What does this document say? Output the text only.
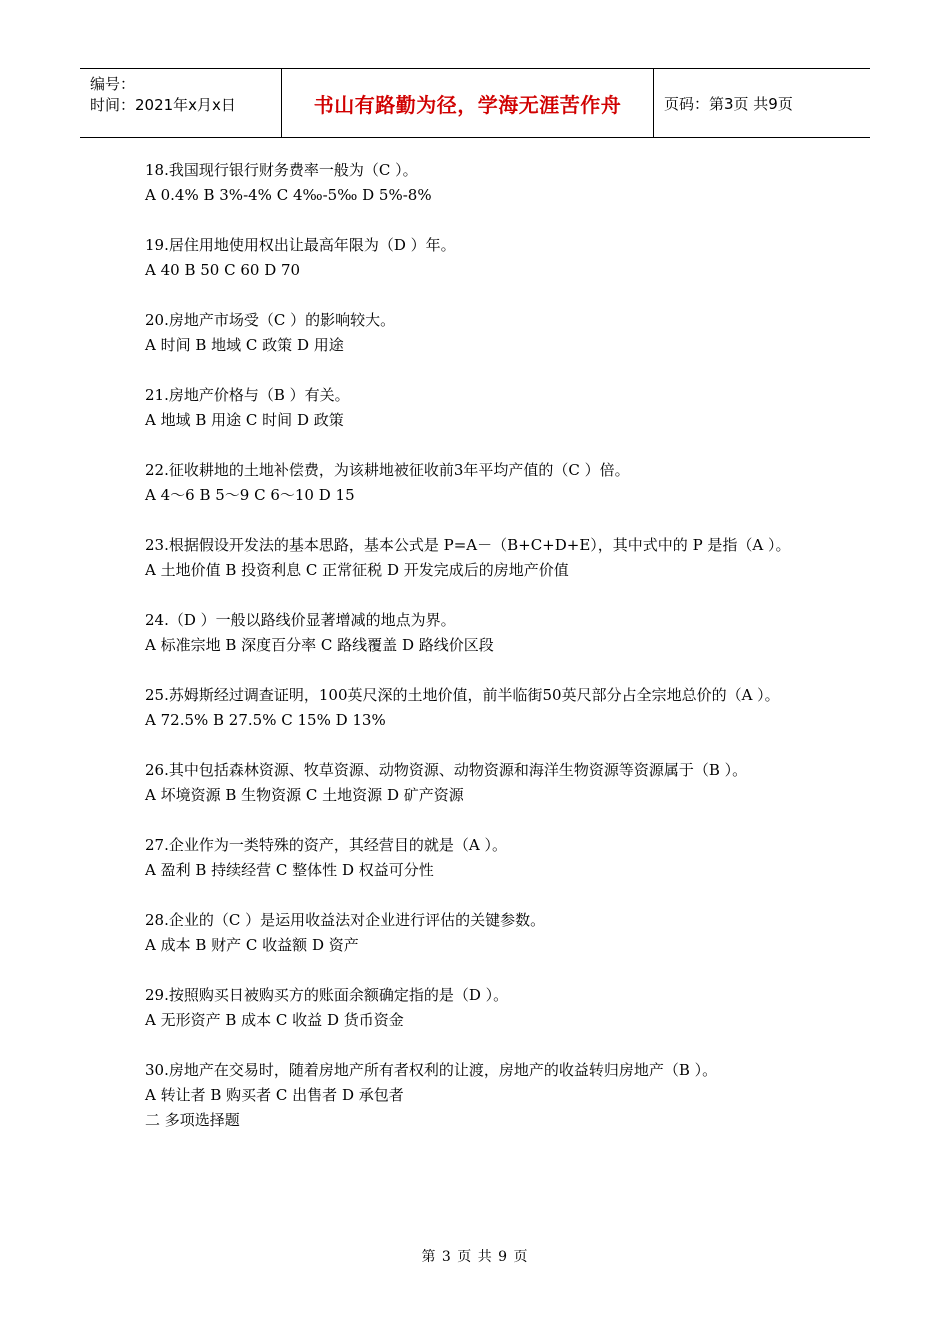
编号：
时间：2021年x月x日	书山有路勤为径，学海无涯苦作舟	页码：第3页 共9页

18.我国现行银行财务费率一般为（C ）。

A 0.4% B 3%-4% C 4‰-5‰ D 5%-8%

19.居住用地使用权出让最高年限为（D ）年。

A 40 B 50 C 60 D 70

20.房地产市场受（C ）的影响较大。

A 时间 B 地域 C 政策 D 用途

21.房地产价格与（B ）有关。

A 地域 B 用途 C 时间 D 政策

22.征收耕地的土地补偿费，为该耕地被征收前3年平均产值的（C ）倍。

A 4～6 B 5～9 C 6～10 D 15

23.根据假设开发法的基本思路，基本公式是 P=A－（B+C+D+E），其中式中的 P 是指（A ）。

A 土地价值 B 投资利息 C 正常征税 D 开发完成后的房地产价值

24.（D ）一般以路线价显著增减的地点为界。

A 标准宗地 B 深度百分率 C 路线覆盖 D 路线价区段

25.苏姆斯经过调查证明，100英尺深的土地价值，前半临街50英尺部分占全宗地总价的（A ）。

A 72.5% B 27.5% C 15% D 13%

26.其中包括森林资源、牧草资源、动物资源、动物资源和海洋生物资源等资源属于（B ）。

A 坏境资源 B 生物资源 C 土地资源 D 矿产资源

27.企业作为一类特殊的资产，其经营目的就是（A ）。

A 盈利 B 持续经营 C 整体性 D 权益可分性

28.企业的（C ）是运用收益法对企业进行评估的关键参数。

A 成本 B 财产 C 收益额 D 资产

29.按照购买日被购买方的账面余额确定指的是（D ）。

A 无形资产 B 成本 C 收益 D 货币资金

30.房地产在交易时，随着房地产所有者权利的让渡，房地产的收益转归房地产（B ）。

A 转让者 B 购买者 C 出售者 D 承包者

二 多项选择题

第 3 页 共 9 页
